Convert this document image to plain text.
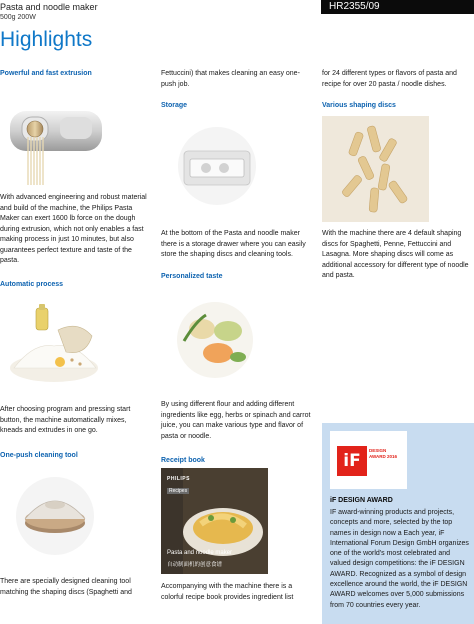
Pasta and noodle maker
500g 200W
HR2355/09
Highlights
Powerful and fast extrusion
With advanced engineering and robust material and build of the machine, the Philips Pasta Maker can exert 1600 lb force on the dough during extrusion, which not only enables a fast making process in just 10 minutes, but also guarantees perfect texture and taste of the pasta.
Automatic process
After choosing program and pressing start button, the machine automatically mixes, kneads and extrudes in one go.
One-push cleaning tool
There are specially designed cleaning tool matching the shaping discs (Spaghetti and
Fettuccini) that makes cleaning an easy one-push job.
Storage
At the bottom of the Pasta and noodle maker there is a storage drawer where you can easily store the shaping discs and cleaning tools.
Personalized taste
By using different flour and adding different ingredients like egg, herbs or spinach and carrot juice, you can make various type and flavor of pasta or noodle.
Receipt book
PHILIPS
Recipes
Pasta and noodle maker
自动制面机的创意食谱
Accompanying with the machine there is a colorful recipe book provides ingredient list
for 24 different types or flavors of pasta and recipe for over 20 pasta / noodle dishes.
Various shaping discs
With the machine there are 4 default shaping discs for Spaghetti, Penne, Fettuccini and Lasagna. More shaping discs will come as additional accessory for different type of noodle and pasta.
iF
DESIGN AWARD 2016
iF DESIGN AWARD
IF award-winning products and projects, concepts and more, selected by the top names in design now a Each year, iF International Forum Design GmbH organizes one of the world's most celebrated and valued design competitions: the iF DESIGN AWARD. Recognized as a symbol of design excellence around the world, the iF DESIGN AWARD welcomes over 5,000 submissions from 70 countries every year.
